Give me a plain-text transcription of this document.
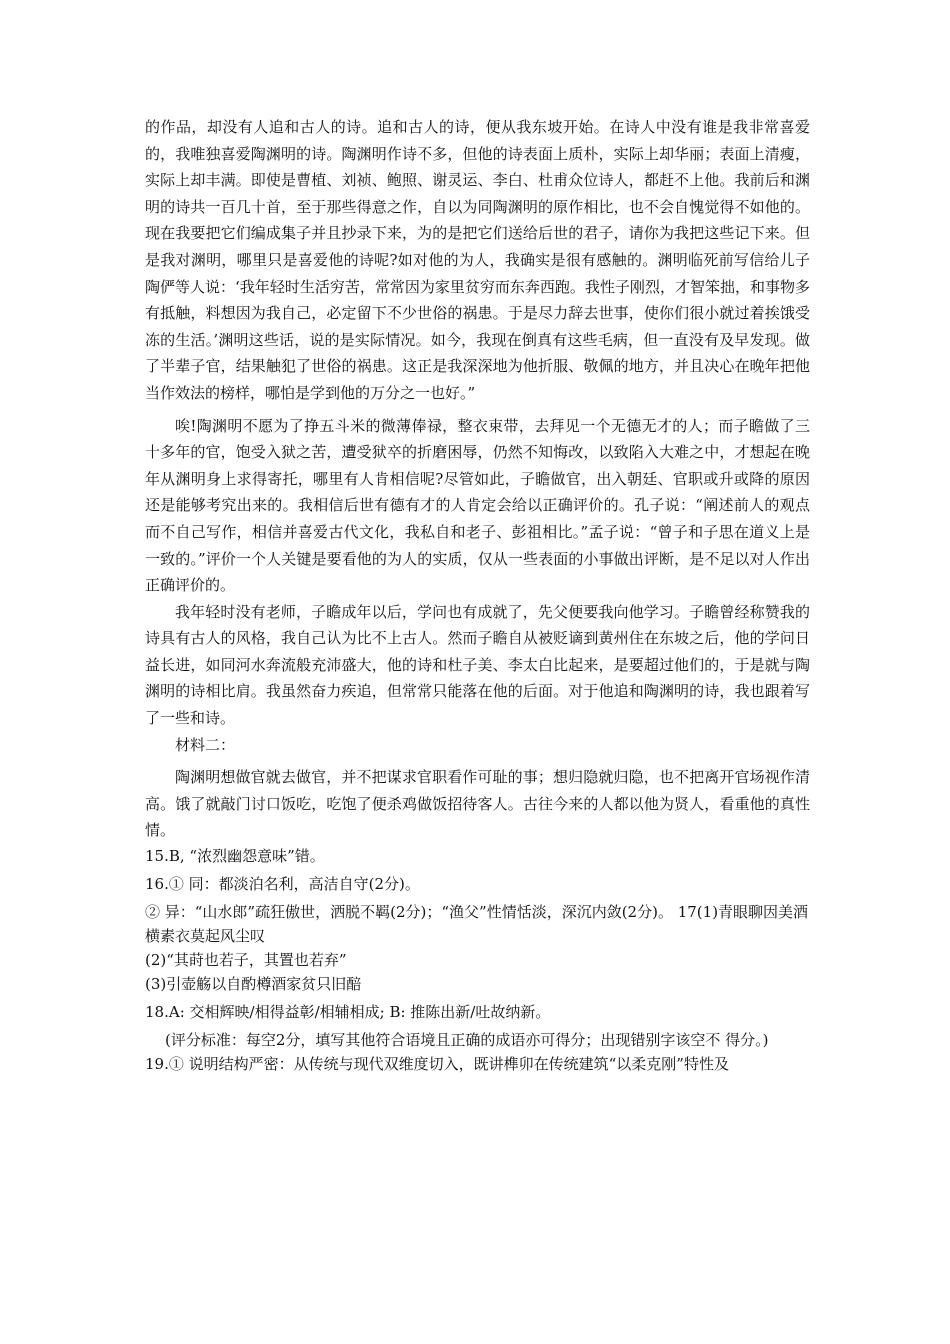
的作品，却没有人追和古人的诗。追和古人的诗，便从我东坡开始。在诗人中没有谁是我非常喜爱的，我唯独喜爱陶渊明的诗。陶渊明作诗不多，但他的诗表面上质朴，实际上却华丽；表面上清瘦，实际上却丰满。即使是曹植、刘祯、鲍照、谢灵运、李白、杜甫众位诗人，都赶不上他。我前后和渊明的诗共一百几十首，至于那些得意之作，自以为同陶渊明的原作相比，也不会自愧觉得不如他的。现在我要把它们编成集子并且抄录下来，为的是把它们送给后世的君子，请你为我把这些记下来。但是我对渊明，哪里只是喜爱他的诗呢?如对他的为人，我确实是很有感触的。渊明临死前写信给儿子陶俨等人说：‘我年轻时生活穷苦，常常因为家里贫穷而东奔西跑。我性子刚烈，才智笨拙，和事物多有抵触，料想因为我自己，必定留下不少世俗的祸患。于是尽力辞去世事，使你们很小就过着挨饿受冻的生活。’渊明这些话，说的是实际情况。如今，我现在倒真有这些毛病，但一直没有及早发现。做了半辈子官，结果触犯了世俗的祸患。这正是我深深地为他折服、敬佩的地方，并且决心在晚年把他当作效法的榜样，哪怕是学到他的万分之一也好。”

唉!陶渊明不愿为了挣五斗米的微薄俸禄，整衣束带，去拜见一个无德无才的人；而子瞻做了三十多年的官，饱受入狱之苦，遭受狱卒的折磨困辱，仍然不知悔改，以致陷入大难之中，才想起在晚年从渊明身上求得寄托，哪里有人肯相信呢?尽管如此，子瞻做官，出入朝廷、官职或升或降的原因还是能够考究出来的。我相信后世有德有才的人肯定会给以正确评价的。孔子说：“阐述前人的观点而不自己写作，相信并喜爱古代文化，我私自和老子、彭祖相比。”孟子说：“曾子和子思在道义上是一致的。”评价一个人关键是要看他的为人的实质，仅从一些表面的小事做出评断，是不足以对人作出正确评价的。

我年轻时没有老师，子瞻成年以后，学问也有成就了，先父便要我向他学习。子瞻曾经称赞我的诗具有古人的风格，我自己认为比不上古人。然而子瞻自从被贬谪到黄州住在东坡之后，他的学问日益长进，如同河水奔流般充沛盛大，他的诗和杜子美、李太白比起来，是要超过他们的，于是就与陶渊明的诗相比肩。我虽然奋力疾追，但常常只能落在他的后面。对于他追和陶渊明的诗，我也跟着写了一些和诗。

材料二：

陶渊明想做官就去做官，并不把谋求官职看作可耻的事；想归隐就归隐，也不把离开官场视作清高。饿了就敲门讨口饭吃，吃饱了便杀鸡做饭招待客人。古往今来的人都以他为贤人，看重他的真性情。

15.B, “浓烈幽怨意味”错。

16.① 同：都淡泊名利，高洁自守(2分)。

② 异：“山水郎”疏狂傲世，洒脱不羁(2分)；“渔父”性情恬淡，深沉内敛(2分)。 17(1)青眼聊因美酒横素衣莫起风尘叹

(2)“其莳也若子，其置也若弃”

(3)引壶觞以自酌樽酒家贫只旧醅

18.A: 交相辉映/相得益彰/相辅相成; B: 推陈出新/吐故纳新。

(评分标准：每空2分，填写其他符合语境且正确的成语亦可得分；出现错别字该空不 得分。)

19.① 说明结构严密：从传统与现代双维度切入，既讲榫卯在传统建筑“以柔克刚”特性及
